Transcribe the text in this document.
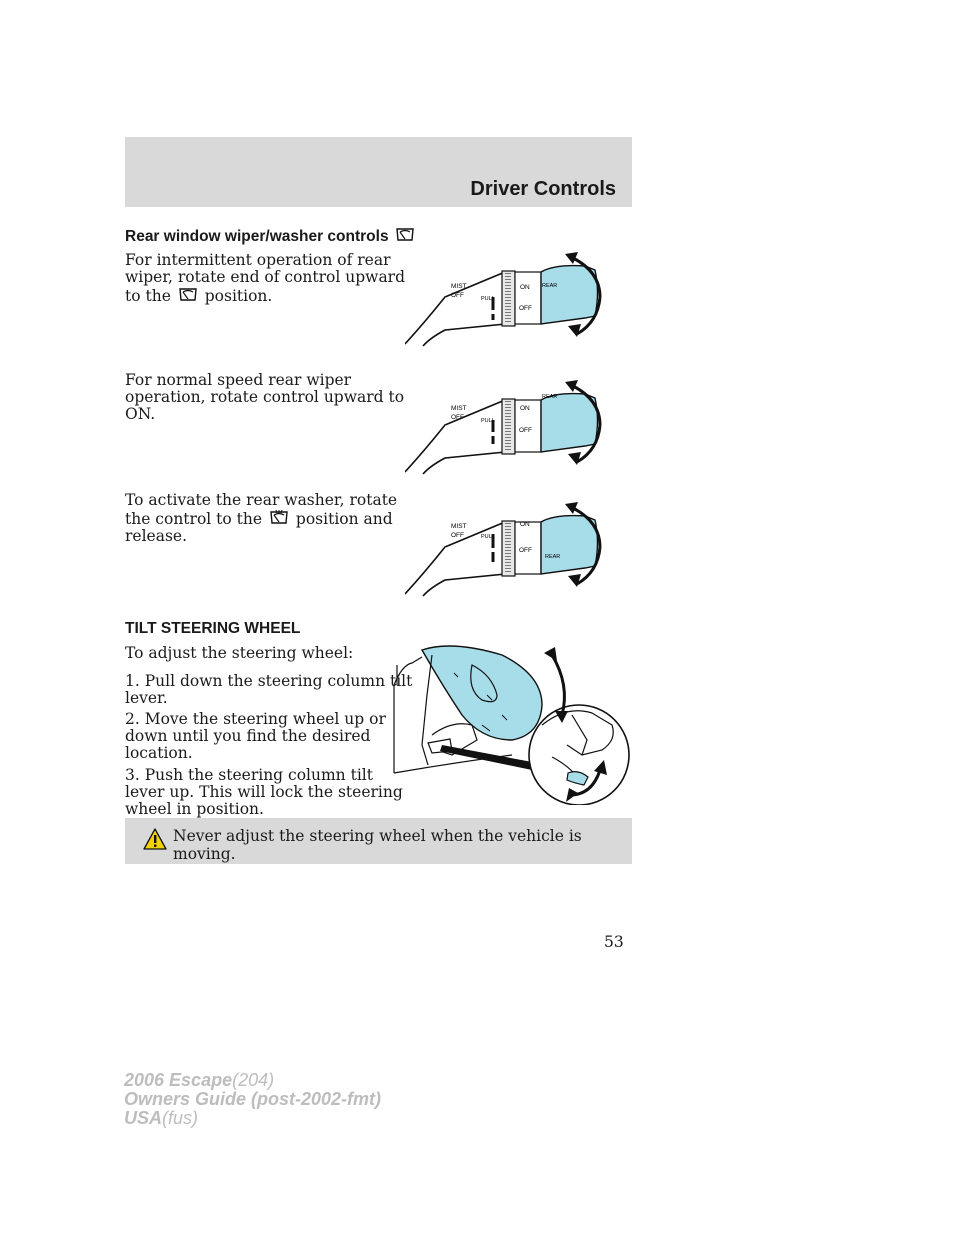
Driver Controls
Rear window wiper/washer controls
For intermittent operation of rear
wiper, rotate end of control upward
to the position.
For normal speed rear wiper
operation, rotate control upward to
ON.
To activate the rear washer, rotate
the control to the position and
release.
MIST
OFF	PULL
ON
OFF
REAR
MIST
OFF	PULL
ON
OFF
REAR
MIST
OFF	PULL
ON
OFF
REAR
TILT STEERING WHEEL
To adjust the steering wheel:
1. Pull down the steering column tilt
lever.
2. Move the steering wheel up or
down until you find the desired
location.
3. Push the steering column tilt
lever up. This will lock the steering
wheel in position.
Never adjust the steering wheel when the vehicle is moving.
53
2006 Escape(204)
Owners Guide (post-2002-fmt)
USA(fus)
